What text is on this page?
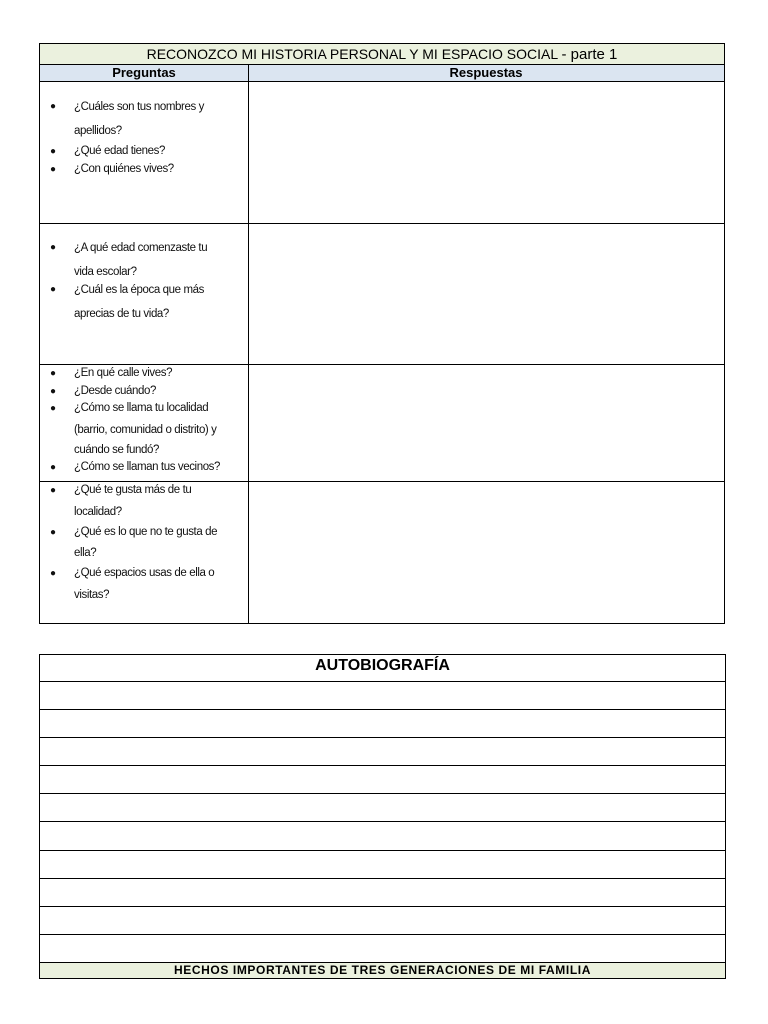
RECONOZCO MI HISTORIA PERSONAL Y MI ESPACIO SOCIAL - parte 1
Preguntas	Respuestas
● ¿Cuáles son tus nombres y
apellidos?
● ¿Qué edad tienes?
● ¿Con quiénes vives?
● ¿A qué edad comenzaste tu
vida escolar?
● ¿Cuál es la época que más
aprecias de tu vida?
● ¿En qué calle vives?
● ¿Desde cuándo?
● ¿Cómo se llama tu localidad
(barrio, comunidad o distrito) y
cuándo se fundó?
● ¿Cómo se llaman tus vecinos?
● ¿Qué te gusta más de tu
localidad?
● ¿Qué es lo que no te gusta de
ella?
● ¿Qué espacios usas de ella o
visitas?
AUTOBIOGRAFÍA
HECHOS IMPORTANTES DE TRES GENERACIONES DE MI FAMILIA
